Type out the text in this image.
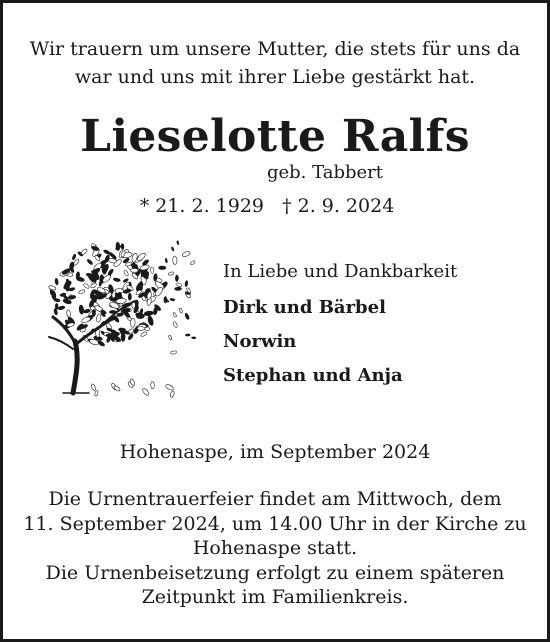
Wir trauern um unsere Mutter, die stets für uns da
war und uns mit ihrer Liebe gestärkt hat.
Lieselotte Ralfs
geb. Tabbert
* 21. 2. 1929 † 2. 9. 2024
In Liebe und Dankbarkeit
Dirk und Bärbel
Norwin
Stephan und Anja
Hohenaspe, im September 2024
Die Urnentrauerfeier findet am Mittwoch, dem
11. September 2024, um 14.00 Uhr in der Kirche zu
Hohenaspe statt.
Die Urnenbeisetzung erfolgt zu einem späteren
Zeitpunkt im Familienkreis.
